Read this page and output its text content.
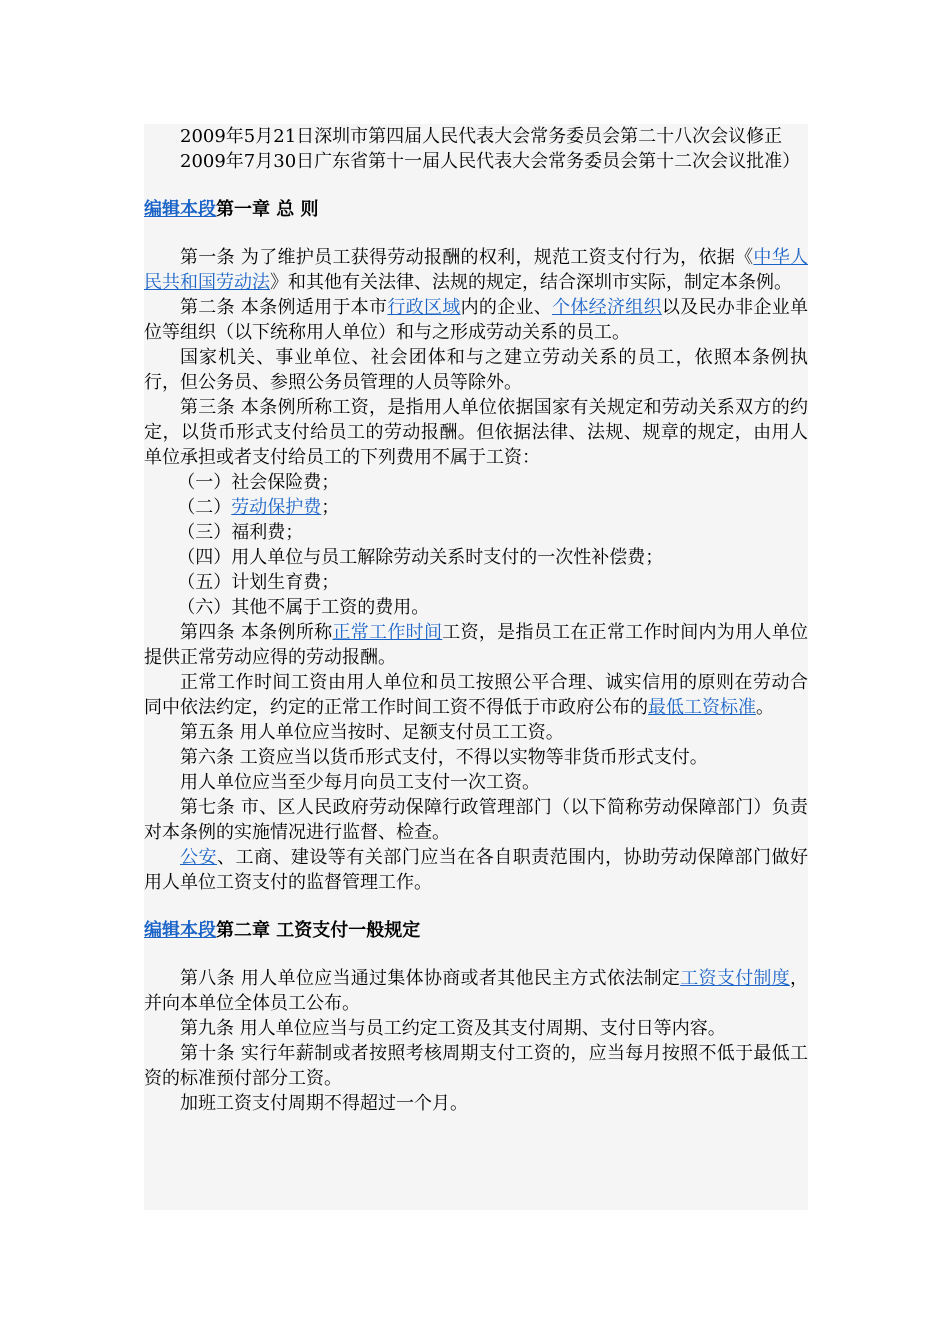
2009年5月21日深圳市第四届人民代表大会常务委员会第二十八次会议修正

2009年7月30日广东省第十一届人民代表大会常务委员会第十二次会议批准）

编辑本段第一章 总 则

第一条 为了维护员工获得劳动报酬的权利，规范工资支付行为，依据《中华人民共和国劳动法》和其他有关法律、法规的规定，结合深圳市实际，制定本条例。

第二条 本条例适用于本市行政区域内的企业、个体经济组织以及民办非企业单位等组织（以下统称用人单位）和与之形成劳动关系的员工。

国家机关、事业单位、社会团体和与之建立劳动关系的员工，依照本条例执行，但公务员、参照公务员管理的人员等除外。

第三条 本条例所称工资，是指用人单位依据国家有关规定和劳动关系双方的约定，以货币形式支付给员工的劳动报酬。但依据法律、法规、规章的规定，由用人单位承担或者支付给员工的下列费用不属于工资：

（一）社会保险费；

（二）劳动保护费；

（三）福利费；

（四）用人单位与员工解除劳动关系时支付的一次性补偿费；

（五）计划生育费；

（六）其他不属于工资的费用。

第四条 本条例所称正常工作时间工资，是指员工在正常工作时间内为用人单位提供正常劳动应得的劳动报酬。

正常工作时间工资由用人单位和员工按照公平合理、诚实信用的原则在劳动合同中依法约定，约定的正常工作时间工资不得低于市政府公布的最低工资标准。

第五条 用人单位应当按时、足额支付员工工资。

第六条 工资应当以货币形式支付，不得以实物等非货币形式支付。

用人单位应当至少每月向员工支付一次工资。

第七条 市、区人民政府劳动保障行政管理部门（以下简称劳动保障部门）负责对本条例的实施情况进行监督、检查。

公安、工商、建设等有关部门应当在各自职责范围内，协助劳动保障部门做好用人单位工资支付的监督管理工作。

编辑本段第二章 工资支付一般规定

第八条 用人单位应当通过集体协商或者其他民主方式依法制定工资支付制度，并向本单位全体员工公布。

第九条 用人单位应当与员工约定工资及其支付周期、支付日等内容。

第十条 实行年薪制或者按照考核周期支付工资的，应当每月按照不低于最低工资的标准预付部分工资。

加班工资支付周期不得超过一个月。
